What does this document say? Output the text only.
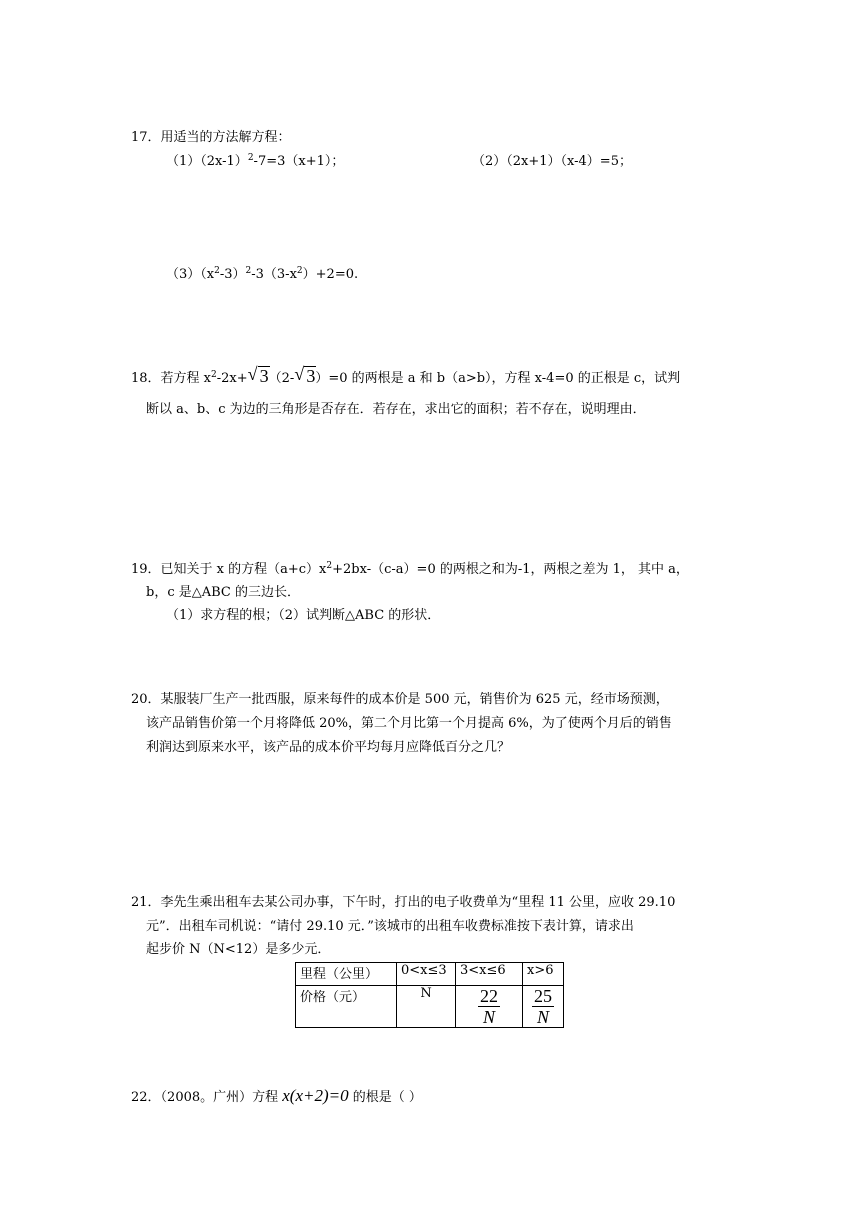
17．用适当的方法解方程：
$(1)(2x-1)^2-7=3(x+1)$；	（2）（2x+1）（x-4）=5；
$(3)(x^2-3)^2-3(3-x^2)+2=0$.
18．若方程 $x^2-2x+$ √ 3（2- √ 3）=0 的两根是 a 和 b（a>b），方程 x-4=0 的正根是 c，试判
断以 a、b、c 为边的三角形是否存在．若存在，求出它的面积；若不存在，说明理由．
19．已知关于 x 的方程$(a+c)x^2+2bx-(c-a)=0$ 的两根之和为-1，两根之差为 1， 其中 a，
b，c 是△ABC 的三边长．
（1）求方程的根；（2）试判断△ABC 的形状．
20．某服装厂生产一批西服，原来每件的成本价是 500 元，销售价为 625 元，经市场预测，
该产品销售价第一个月将降低 20%，第二个月比第一个月提高 6%，为了使两个月后的销售
利润达到原来水平，该产品的成本价平均每月应降低百分之几？
21．李先生乘出租车去某公司办事，下午时，打出的电子收费单为“里程 11 公里，应收 29.10
元”．出租车司机说：“请付 29.10 元．”该城市的出租车收费标准按下表计算，请求出
起步价 N（N<12）是多少元．
里程（公里）	0<x≤3	3<x≤6	x>6
价格（元）	N	$\frac{22}{N}$	$\frac{25}{N}$
22．（2008。广州）方程 x(x+2)=0 的根是（ ）
